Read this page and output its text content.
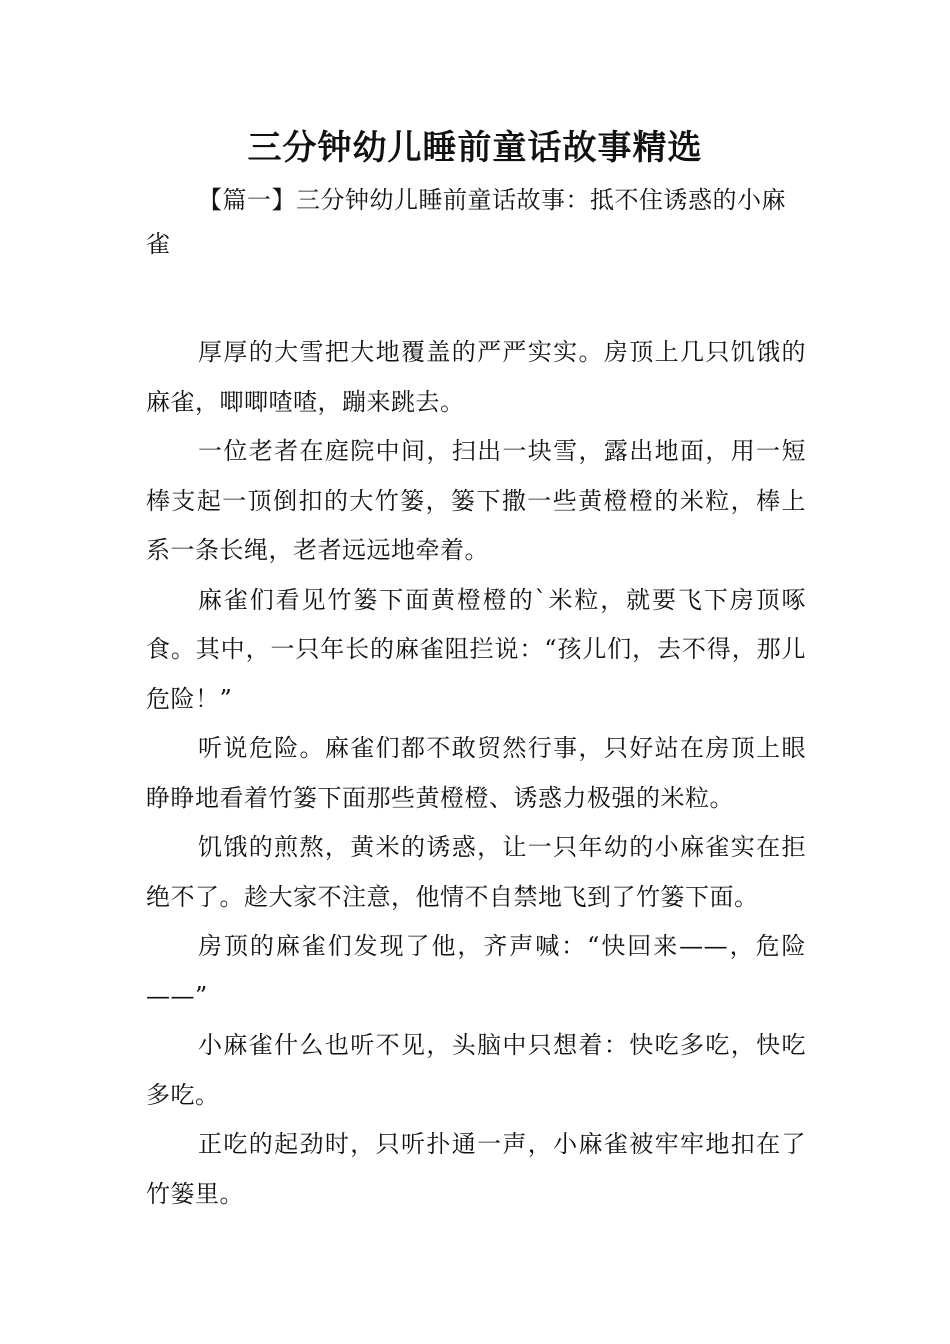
三分钟幼儿睡前童话故事精选

【篇一】三分钟幼儿睡前童话故事：抵不住诱惑的小麻雀

厚厚的大雪把大地覆盖的严严实实。房顶上几只饥饿的麻雀，唧唧喳喳，蹦来跳去。

一位老者在庭院中间，扫出一块雪，露出地面，用一短棒支起一顶倒扣的大竹篓，篓下撒一些黄橙橙的米粒，棒上系一条长绳，老者远远地牵着。

麻雀们看见竹篓下面黄橙橙的`米粒，就要飞下房顶啄食。其中，一只年长的麻雀阻拦说：“孩儿们，去不得，那儿危险！”

听说危险。麻雀们都不敢贸然行事，只好站在房顶上眼睁睁地看着竹篓下面那些黄橙橙、诱惑力极强的米粒。

饥饿的煎熬，黄米的诱惑，让一只年幼的小麻雀实在拒绝不了。趁大家不注意，他情不自禁地飞到了竹篓下面。

房顶的麻雀们发现了他，齐声喊：“快回来——，危险——”

小麻雀什么也听不见，头脑中只想着：快吃多吃，快吃多吃。

正吃的起劲时，只听扑通一声，小麻雀被牢牢地扣在了竹篓里。
